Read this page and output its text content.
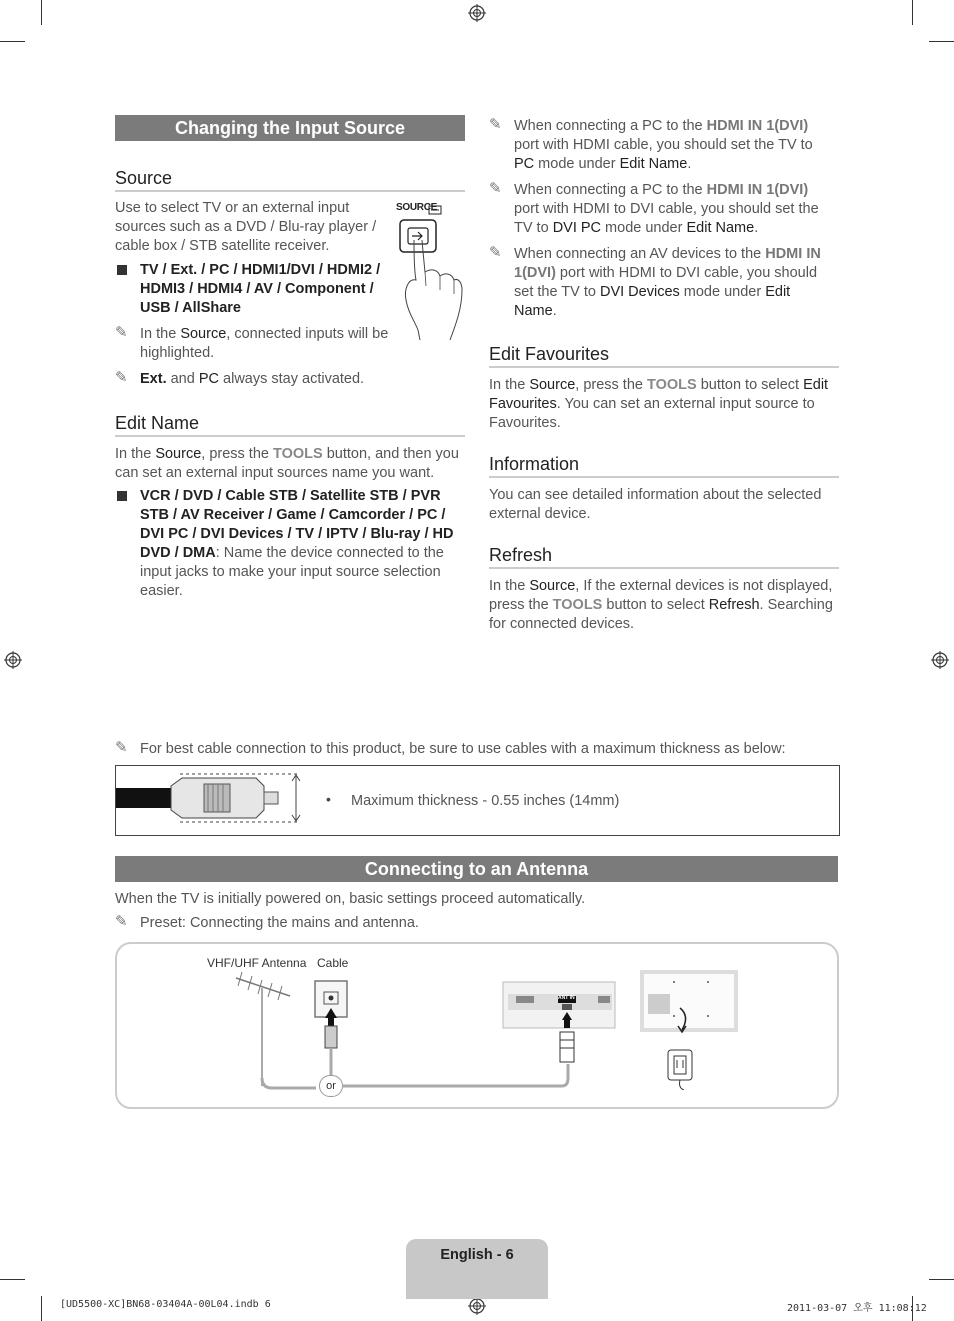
Changing the Input Source
Source
Use to select TV or an external input sources such as a DVD / Blu-ray player / cable box / STB satellite receiver.
SOURCE
TV / Ext. / PC / HDMI1/DVI / HDMI2 / HDMI3 / HDMI4 / AV / Component / USB / AllShare
✎ In the Source, connected inputs will be highlighted.
✎ Ext. and PC always stay activated.
Edit Name
In the Source, press the TOOLS button, and then you can set an external input sources name you want.
VCR / DVD / Cable STB / Satellite STB / PVR STB / AV Receiver / Game / Camcorder / PC / DVI PC / DVI Devices / TV / IPTV / Blu-ray / HD DVD / DMA: Name the device connected to the input jacks to make your input source selection easier.
✎ When connecting a PC to the HDMI IN 1(DVI) port with HDMI cable, you should set the TV to PC mode under Edit Name.
✎ When connecting a PC to the HDMI IN 1(DVI) port with HDMI to DVI cable, you should set the TV to DVI PC mode under Edit Name.
✎ When connecting an AV devices to the HDMI IN 1(DVI) port with HDMI to DVI cable, you should set the TV to DVI Devices mode under Edit Name.
Edit Favourites
In the Source, press the TOOLS button to select Edit Favourites. You can set an external input source to Favourites.
Information
You can see detailed information about the selected external device.
Refresh
In the Source, If the external devices is not displayed, press the TOOLS button to select Refresh. Searching for connected devices.
✎ For best cable connection to this product, be sure to use cables with a maximum thickness as below:
• Maximum thickness - 0.55 inches (14mm)
Connecting to an Antenna
When the TV is initially powered on, basic settings proceed automatically.
✎ Preset: Connecting the mains and antenna.
VHF/UHF Antenna Cable
or
ANT IN
English - 6
[UD5500-XC]BN68-03404A-00L04.indb 6	2011-03-07 오후 11:08:12
